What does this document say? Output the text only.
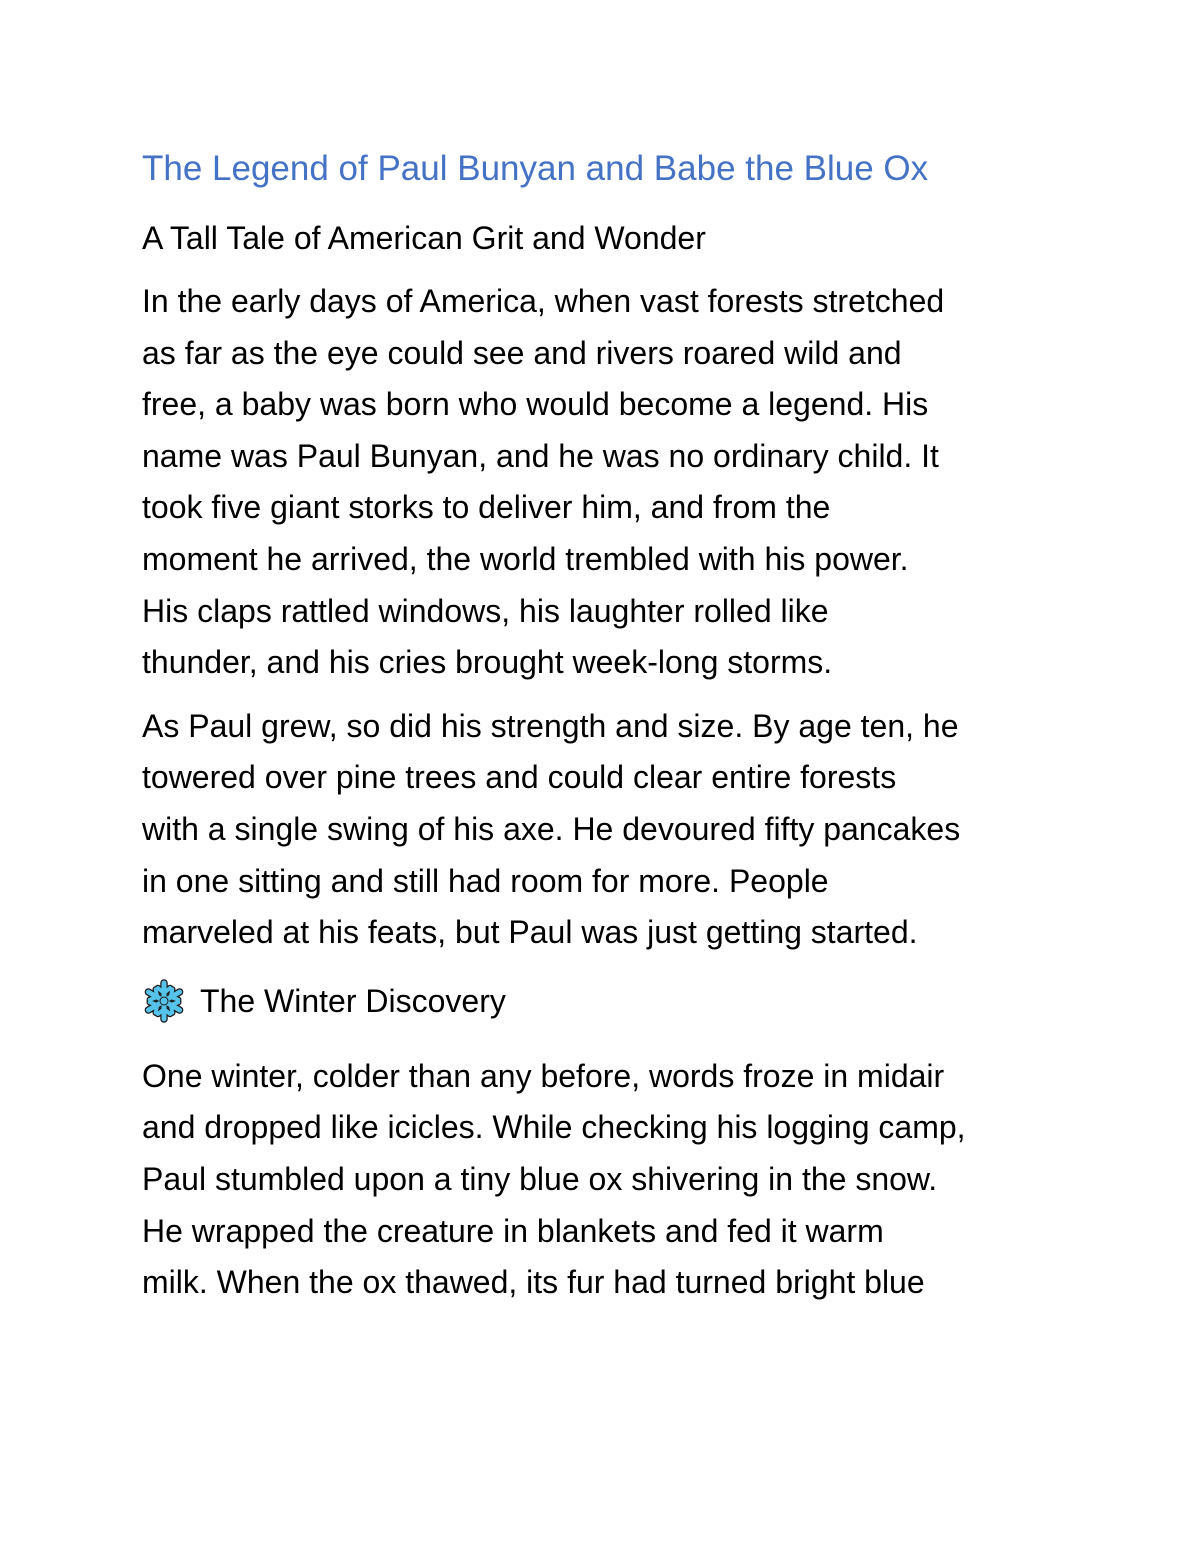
The Legend of Paul Bunyan and Babe the Blue Ox

A Tall Tale of American Grit and Wonder

In the early days of America, when vast forests stretched
as far as the eye could see and rivers roared wild and
free, a baby was born who would become a legend. His
name was Paul Bunyan, and he was no ordinary child. It
took five giant storks to deliver him, and from the
moment he arrived, the world trembled with his power.
His claps rattled windows, his laughter rolled like
thunder, and his cries brought week-long storms.

As Paul grew, so did his strength and size. By age ten, he
towered over pine trees and could clear entire forests
with a single swing of his axe. He devoured fifty pancakes
in one sitting and still had room for more. People
marveled at his feats, but Paul was just getting started.

The Winter Discovery

One winter, colder than any before, words froze in midair
and dropped like icicles. While checking his logging camp,
Paul stumbled upon a tiny blue ox shivering in the snow.
He wrapped the creature in blankets and fed it warm
milk. When the ox thawed, its fur had turned bright blue
